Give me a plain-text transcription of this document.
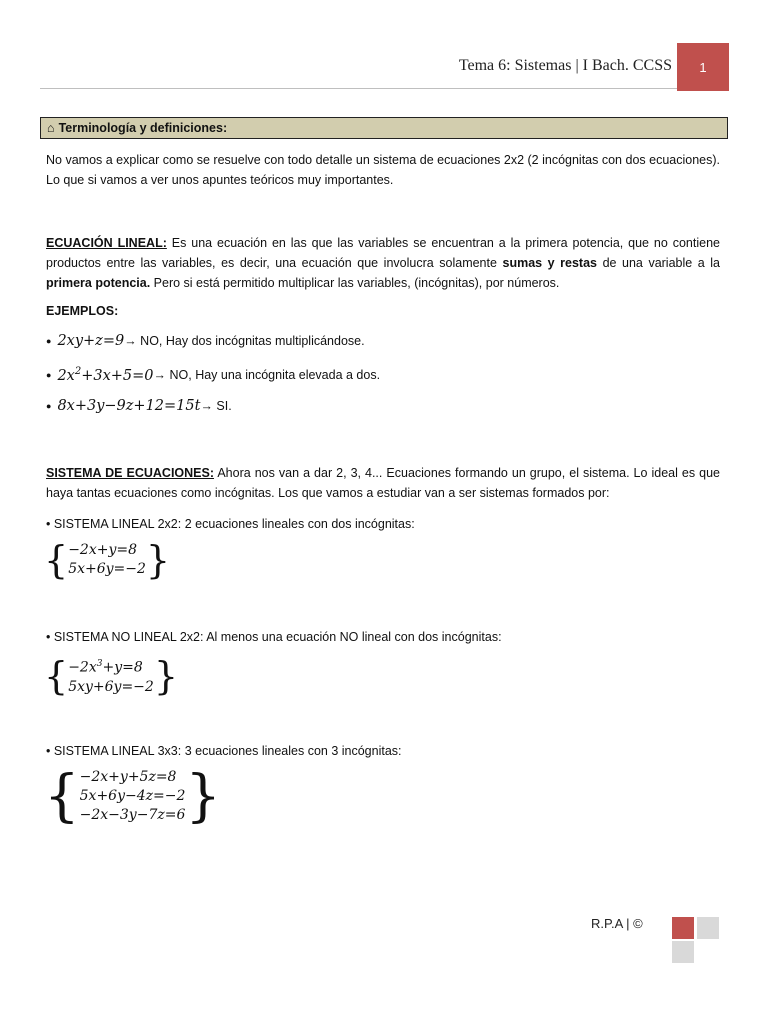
Tema 6: Sistemas | I Bach. CCSS 1
⌂ Terminología y definiciones:
No vamos a explicar como se resuelve con todo detalle un sistema de ecuaciones 2x2 (2 incógnitas con dos ecuaciones). Lo que si vamos a ver unos apuntes teóricos muy importantes.
ECUACIÓN LINEAL: Es una ecuación en las que las variables se encuentran a la primera potencia, que no contiene productos entre las variables, es decir, una ecuación que involucra solamente sumas y restas de una variable a la primera potencia. Pero si está permitido multiplicar las variables, (incógnitas), por números.
EJEMPLOS:
● 2xy+z=9 → NO, Hay dos incógnitas multiplicándose.
● $2x^2+3x+5=0$ → NO, Hay una incógnita elevada a dos.
● 8x+3y−9z+12=15t → SI.
SISTEMA DE ECUACIONES: Ahora nos van a dar 2, 3, 4... Ecuaciones formando un grupo, el sistema. Lo ideal es que haya tantas ecuaciones como incógnitas. Los que vamos a estudiar van a ser sistemas formados por:
• SISTEMA LINEAL 2x2: 2 ecuaciones lineales con dos incógnitas:
{ −2x+y=8
5x+6y=−2 }
• SISTEMA NO LINEAL 2x2: Al menos una ecuación NO lineal con dos incógnitas:
{ $-2x^3+y=8$
5xy+6y=−2 }
• SISTEMA LINEAL 3x3: 3 ecuaciones lineales con 3 incógnitas:
{ −2x+y+5z=8
5x+6y−4z=−2
−2x−3y−7z=6 }
R.P.A | ©
